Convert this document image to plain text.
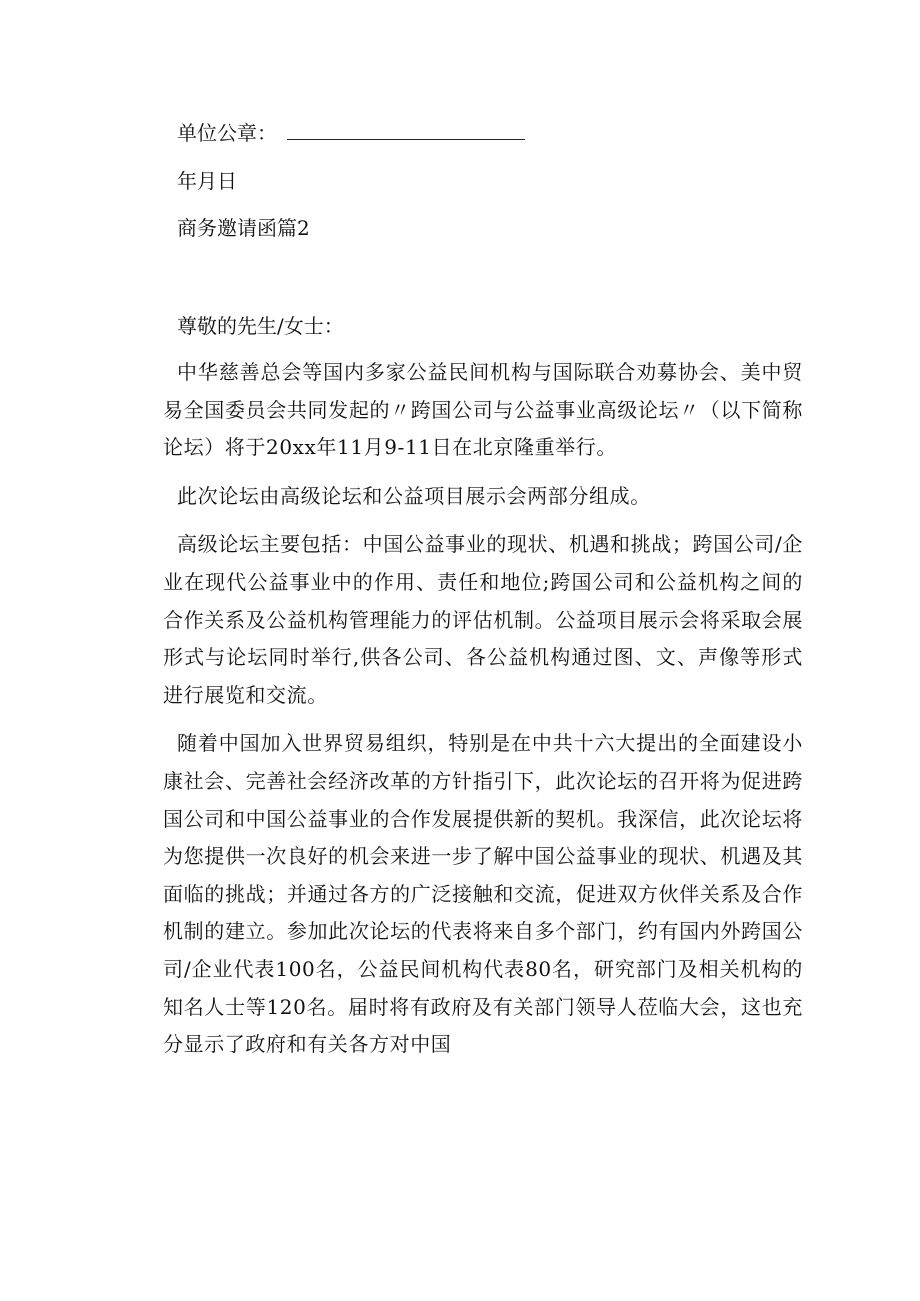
单位公章：
年月日
商务邀请函篇2
尊敬的先生/女士：

中华慈善总会等国内多家公益民间机构与国际联合劝募协会、美中贸易全国委员会共同发起的〃跨国公司与公益事业高级论坛〃（以下简称论坛）将于20xx年11月9-11日在北京隆重举行。

此次论坛由高级论坛和公益项目展示会两部分组成。

高级论坛主要包括：中国公益事业的现状、机遇和挑战；跨国公司/企业在现代公益事业中的作用、责任和地位;跨国公司和公益机构之间的合作关系及公益机构管理能力的评估机制。公益项目展示会将采取会展形式与论坛同时举行,供各公司、各公益机构通过图、文、声像等形式进行展览和交流。

随着中国加入世界贸易组织，特别是在中共十六大提出的全面建设小康社会、完善社会经济改革的方针指引下，此次论坛的召开将为促进跨国公司和中国公益事业的合作发展提供新的契机。我深信，此次论坛将为您提供一次良好的机会来进一步了解中国公益事业的现状、机遇及其面临的挑战；并通过各方的广泛接触和交流，促进双方伙伴关系及合作机制的建立。参加此次论坛的代表将来自多个部门，约有国内外跨国公司/企业代表100名，公益民间机构代表80名，研究部门及相关机构的知名人士等120名。届时将有政府及有关部门领导人莅临大会，这也充分显示了政府和有关各方对中国
